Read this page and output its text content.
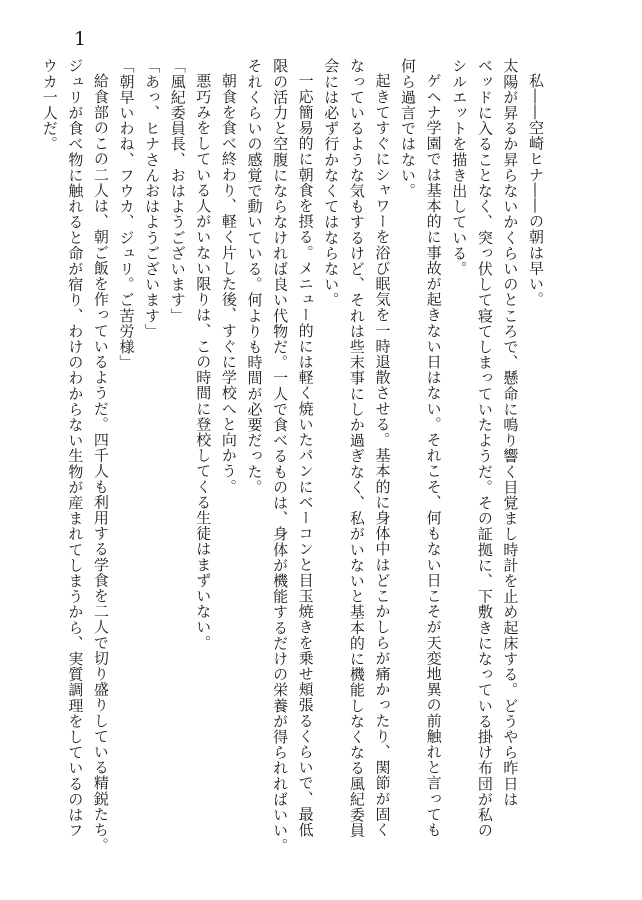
1

私――空崎ヒナ――の朝は早い。

太陽が昇るか昇らないかくらいのところで、懸命に鳴り響く目覚まし時計を止め起床する。どうやら昨日は

ベッドに入ることなく、突っ伏して寝てしまっていたようだ。その証拠に、下敷きになっている掛け布団が私の

シルエットを描き出している。

ゲヘナ学園では基本的に事故が起きない日はない。それこそ、何もない日こそが天変地異の前触れと言っても

何ら過言ではない。

起きてすぐにシャワーを浴び眠気を一時退散させる。基本的に身体中はどこかしらが痛かったり、関節が固く

なっているような気もするけど、それは些末事にしか過ぎなく、私がいないと基本的に機能しなくなる風紀委員

会には必ず行かなくてはならない。

一応簡易的に朝食を摂る。メニュー的には軽く焼いたパンにベーコンと目玉焼きを乗せ頬張るくらいで、最低

限の活力と空腹にならなければ良い代物だ。一人で食べるものは、身体が機能するだけの栄養が得られればいい。

それくらいの感覚で動いている。何よりも時間が必要だった。

朝食を食べ終わり、軽く片した後、すぐに学校へと向かう。

悪巧みをしている人がいない限りは、この時間に登校してくる生徒はまずいない。

「風紀委員長、おはようございます」

「あっ、ヒナさんおはようございます」

「朝早いわね、フウカ、ジュリ。ご苦労様」

給食部のこの二人は、朝ご飯を作っているようだ。四千人も利用する学食を二人で切り盛りしている精鋭たち。

ジュリが食べ物に触れると命が宿り、わけのわからない生物が産まれてしまうから、実質調理をしているのはフ

ウカ一人だ。
